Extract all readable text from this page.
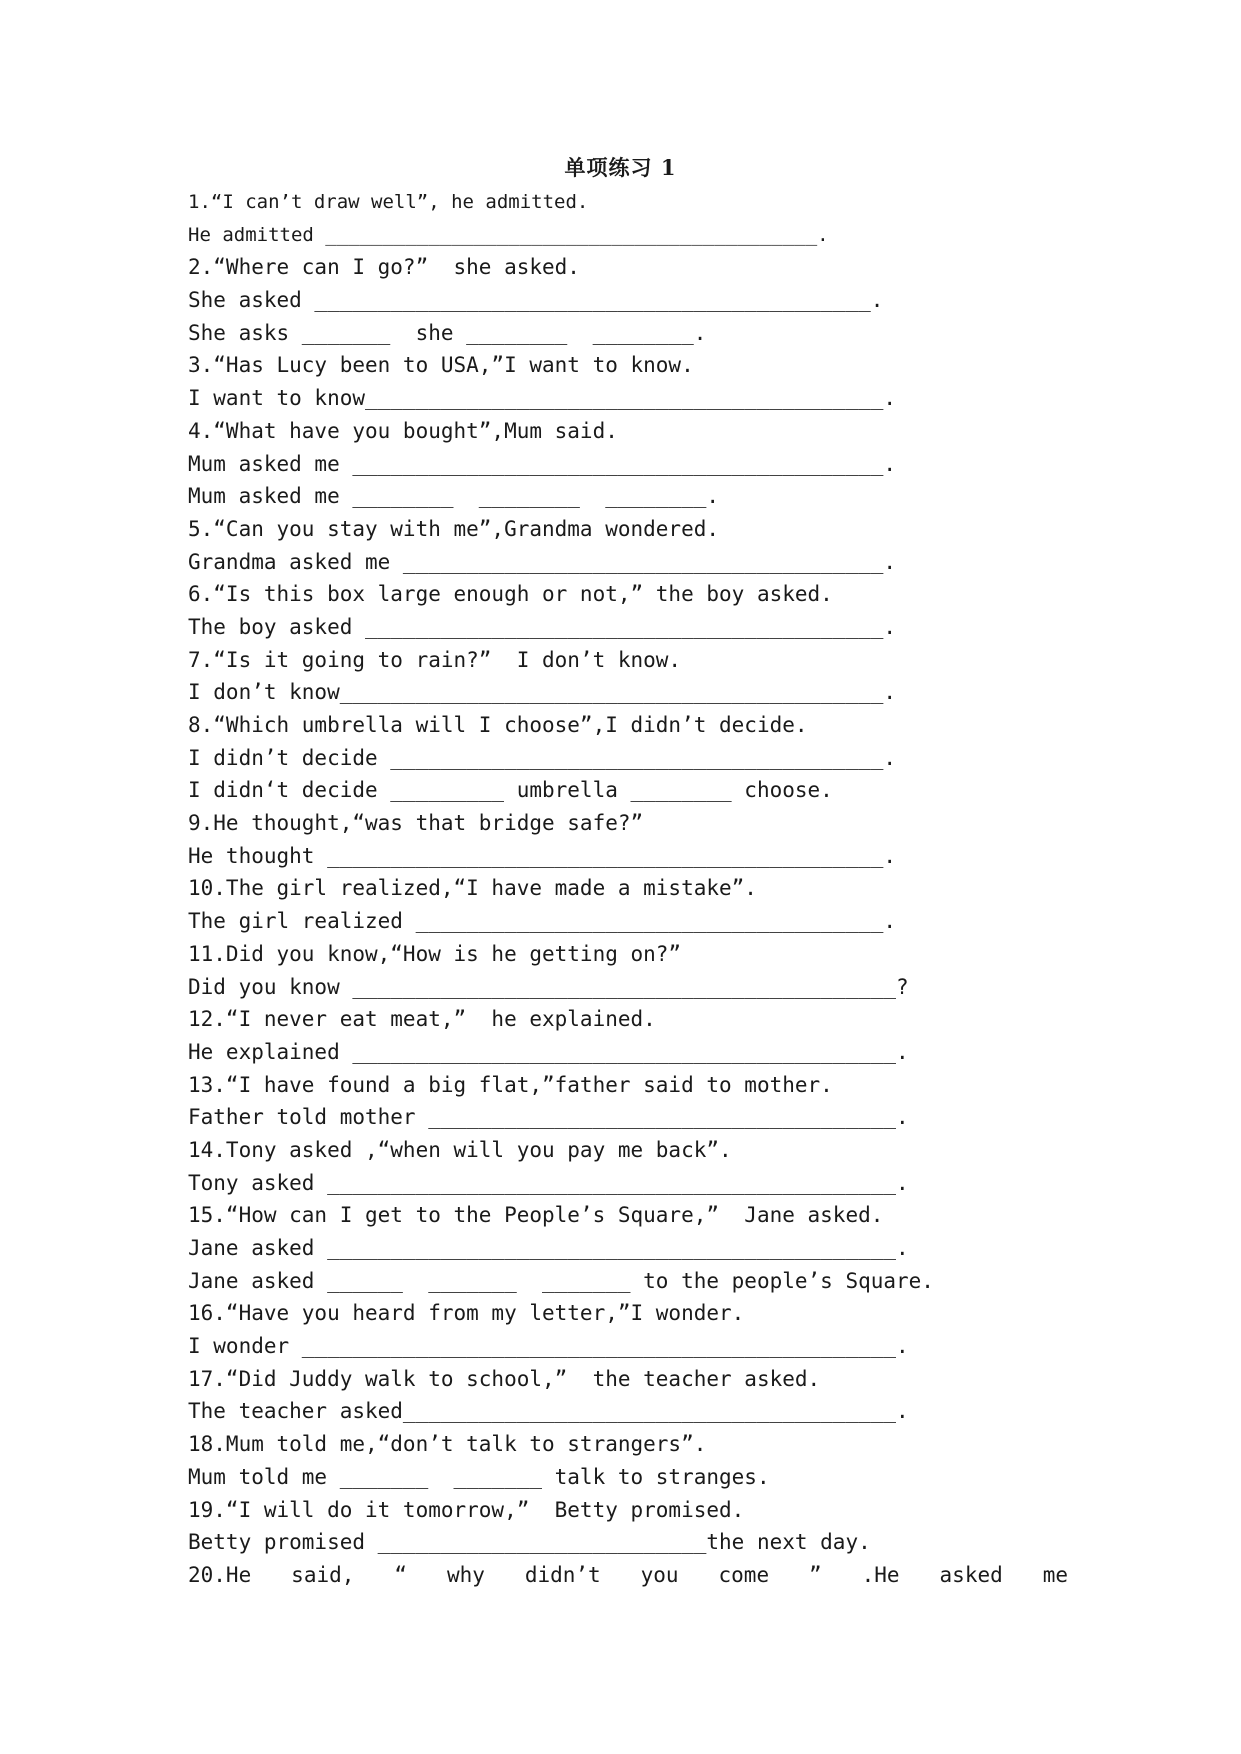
单项练习 1
1.“I can’t draw well”, he admitted.
He admitted ___________________________________________.
2.“Where can I go?”  she asked.
She asked ____________________________________________.
She asks _______  she ________  ________.
3.“Has Lucy been to USA,”I want to know.
I want to know_________________________________________.
4.“What have you bought”,Mum said.
Mum asked me __________________________________________.
Mum asked me ________  ________  ________.
5.“Can you stay with me”,Grandma wondered.
Grandma asked me ______________________________________.
6.“Is this box large enough or not,” the boy asked.
The boy asked _________________________________________.
7.“Is it going to rain?”  I don’t know.
I don’t know___________________________________________.
8.“Which umbrella will I choose”,I didn’t decide.
I didn’t decide _______________________________________.
I didn‘t decide _________ umbrella ________ choose.
9.He thought,“was that bridge safe?”
He thought ____________________________________________.
10.The girl realized,“I have made a mistake”.
The girl realized _____________________________________.
11.Did you know,“How is he getting on?”
Did you know ___________________________________________?
12.“I never eat meat,”  he explained.
He explained ___________________________________________.
13.“I have found a big flat,”father said to mother.
Father told mother _____________________________________.
14.Tony asked ,“when will you pay me back”.
Tony asked _____________________________________________.
15.“How can I get to the People’s Square,”  Jane asked.
Jane asked _____________________________________________.
Jane asked ______  _______  _______ to the people’s Square.
16.“Have you heard from my letter,”I wonder.
I wonder _______________________________________________.
17.“Did Juddy walk to school,”  the teacher asked.
The teacher asked_______________________________________.
18.Mum told me,“don’t talk to strangers”.
Mum told me _______  _______ talk to stranges.
19.“I will do it tomorrow,”  Betty promised.
Betty promised __________________________the next day.
20.He said, “ why didn’t you come ” .He asked me
